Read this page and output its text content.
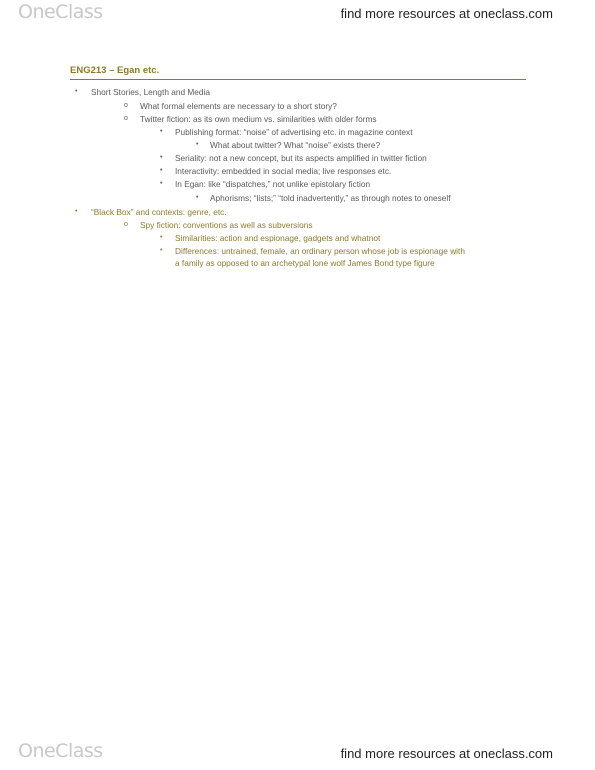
OneClass	find more resources at oneclass.com
ENG213 – Egan etc.
• Short Stories, Length and Media
o What formal elements are necessary to a short story?
o Twitter fiction: as its own medium vs. similarities with older forms
• Publishing format: “noise” of advertising etc. in magazine context
• What about twitter? What “noise” exists there?
• Seriality: not a new concept, but its aspects amplified in twitter fiction
• Interactivity: embedded in social media; live responses etc.
• In Egan: like “dispatches,” not unlike epistolary fiction
• Aphorisms; “lists;” “told inadvertently,” as through notes to oneself
• “Black Box” and contexts: genre, etc.
o Spy fiction: conventions as well as subversions
• Similarities: action and espionage, gadgets and whatnot
• Differences: untrained, female, an ordinary person whose job is espionage with
a family as opposed to an archetypal lone wolf James Bond type figure
OneClass	find more resources at oneclass.com
